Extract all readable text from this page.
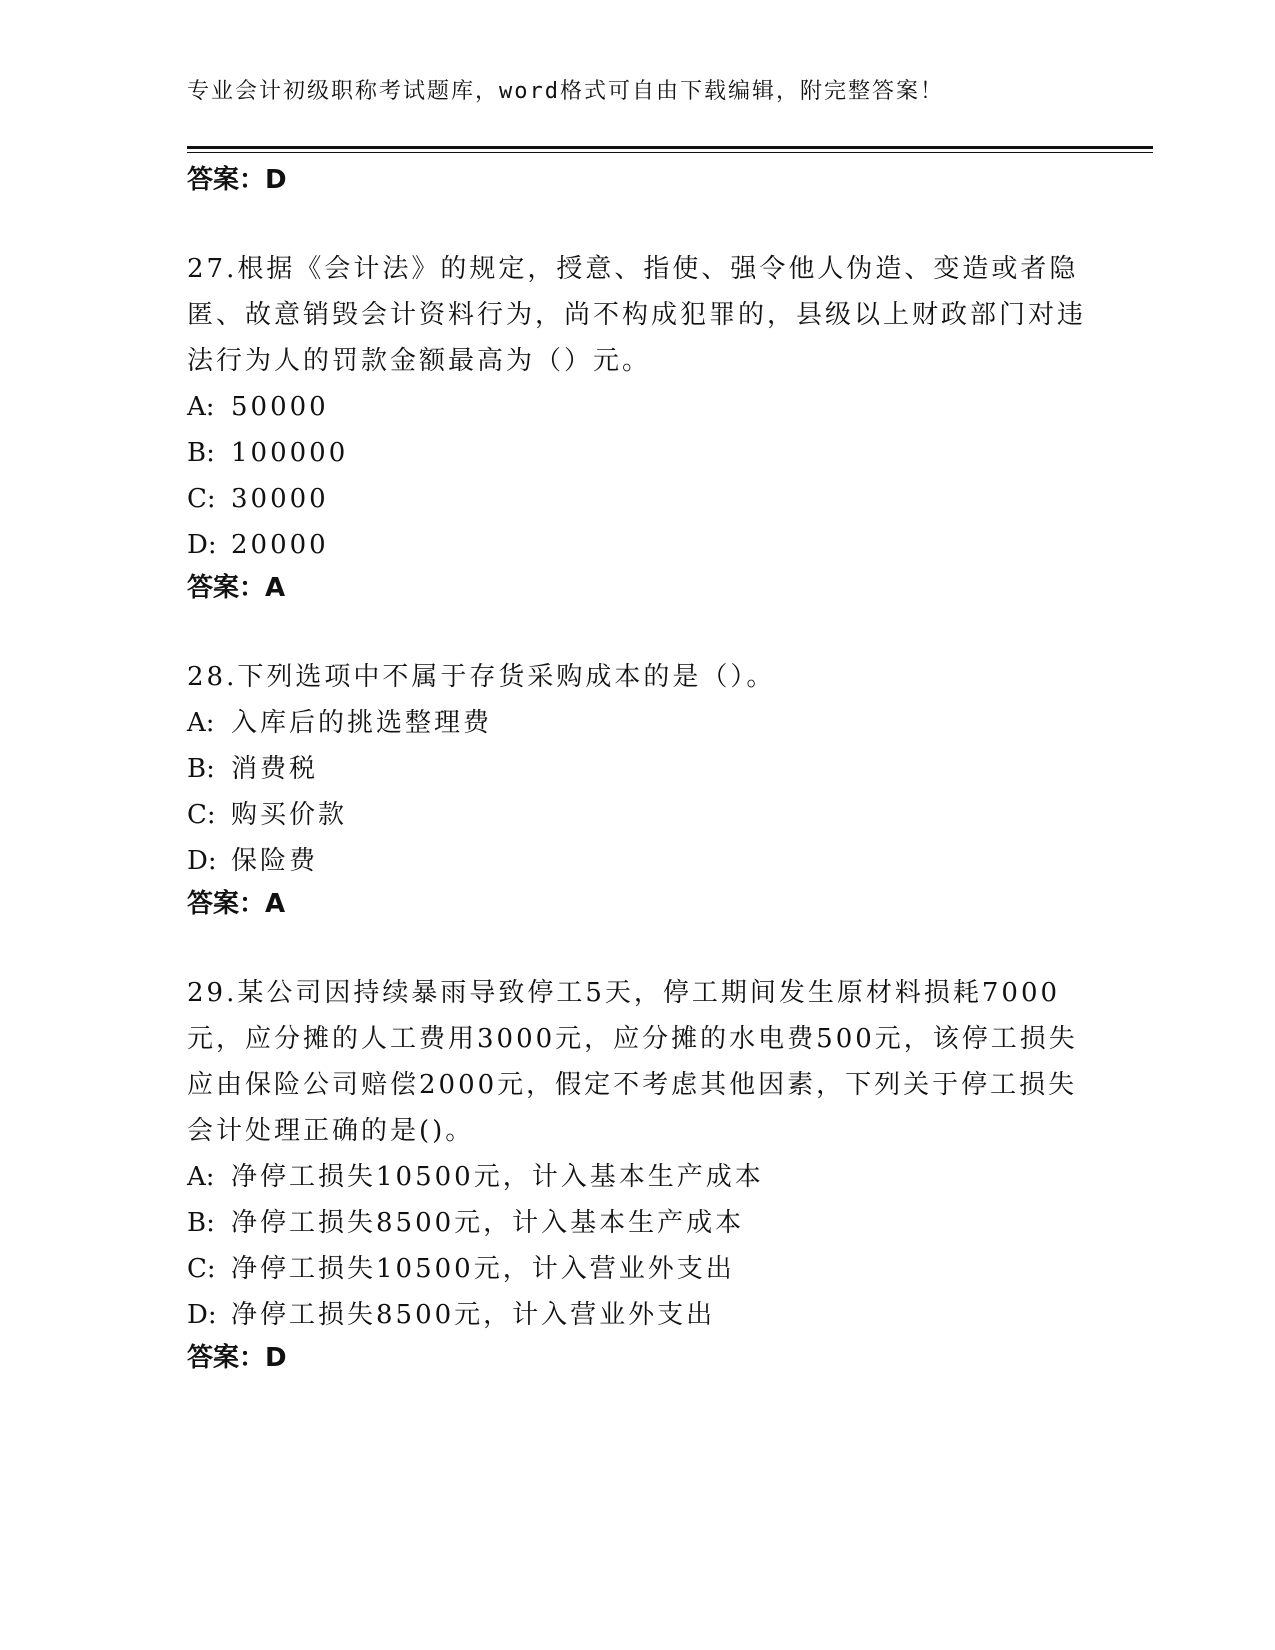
专业会计初级职称考试题库，word格式可自由下载编辑，附完整答案！

答案：D

27.根据《会计法》的规定，授意、指使、强令他人伪造、变造或者隐匿、故意销毁会计资料行为，尚不构成犯罪的，县级以上财政部门对违法行为人的罚款金额最高为（）元。

A: 50000

B: 100000

C: 30000

D: 20000

答案：A

28.下列选项中不属于存货采购成本的是（）。

A: 入库后的挑选整理费

B: 消费税

C: 购买价款

D: 保险费

答案：A

29.某公司因持续暴雨导致停工5天，停工期间发生原材料损耗7000元，应分摊的人工费用3000元，应分摊的水电费500元，该停工损失应由保险公司赔偿2000元，假定不考虑其他因素，下列关于停工损失会计处理正确的是()。

A: 净停工损失10500元，计入基本生产成本

B: 净停工损失8500元，计入基本生产成本

C: 净停工损失10500元，计入营业外支出

D: 净停工损失8500元，计入营业外支出

答案：D
